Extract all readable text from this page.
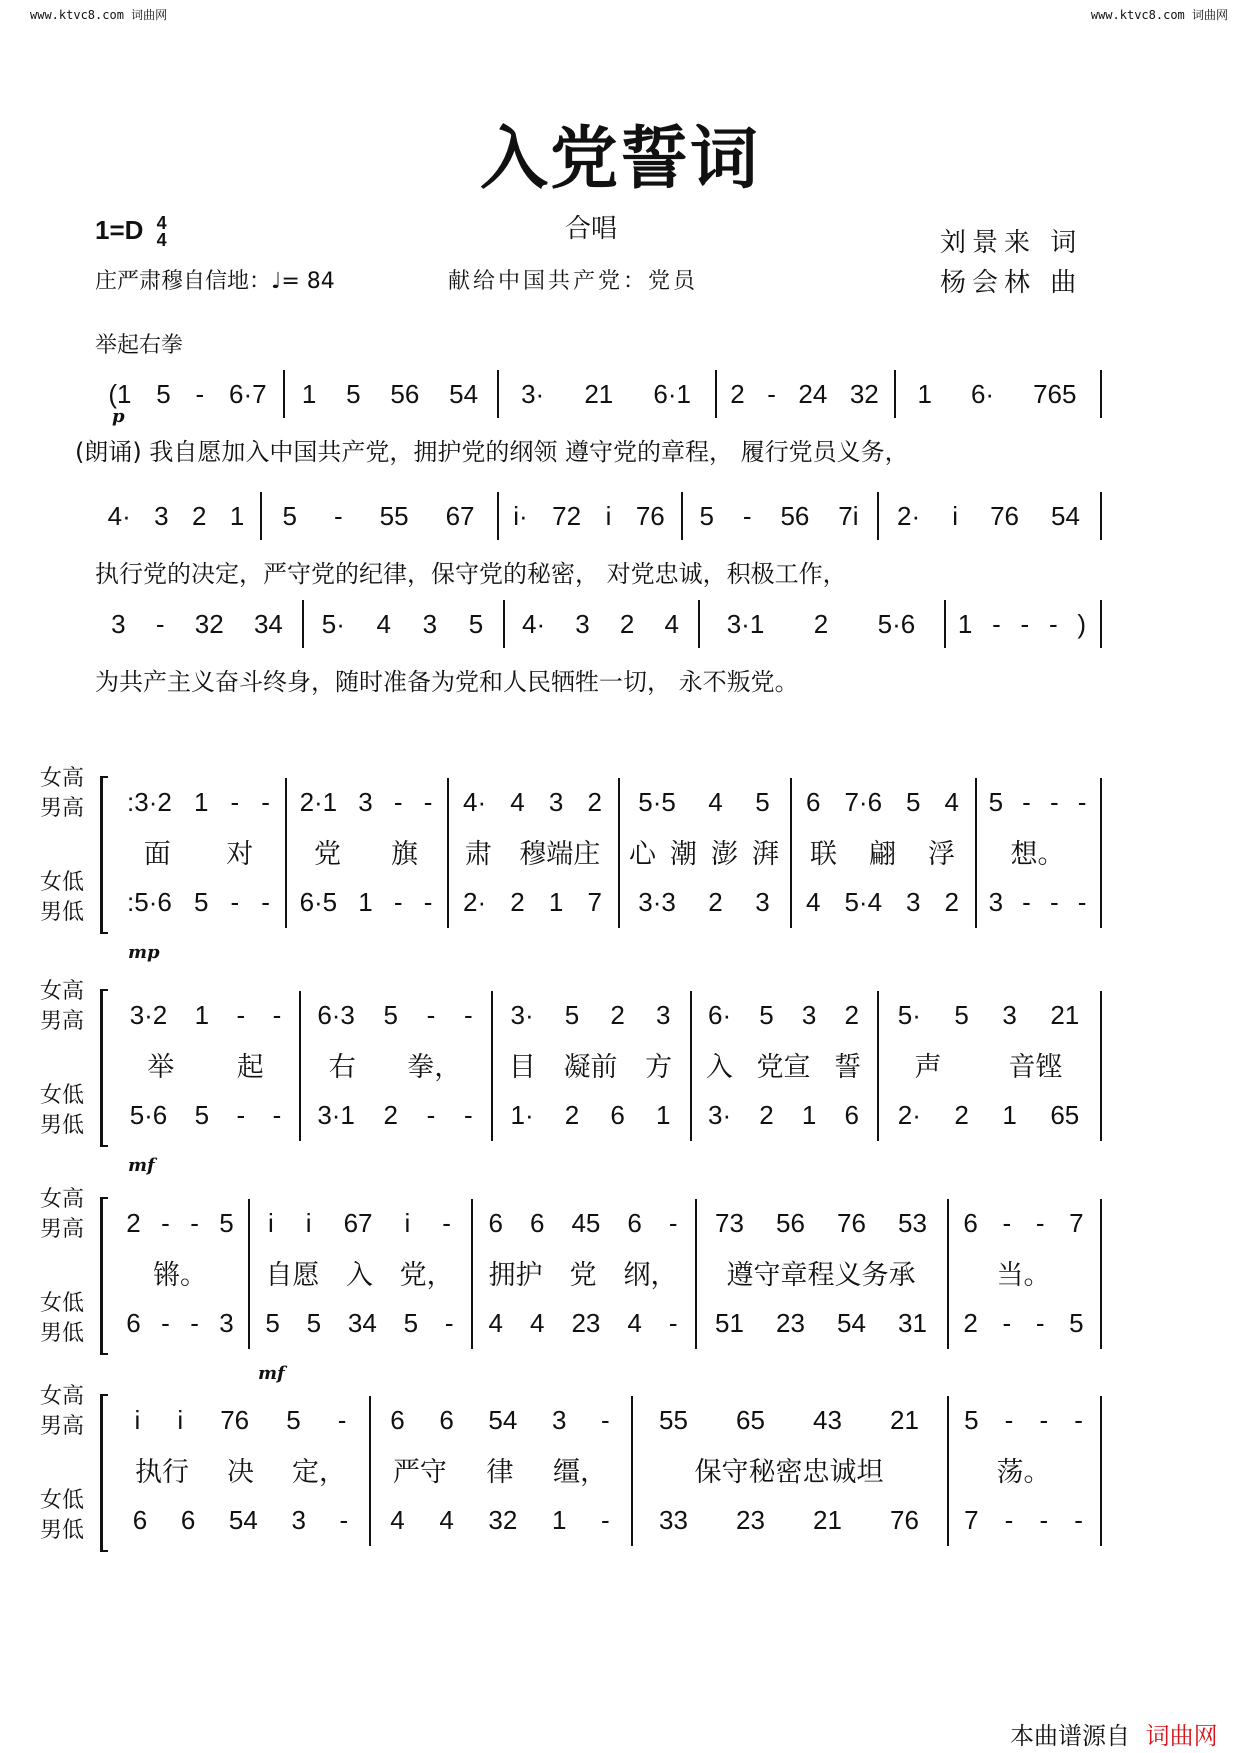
www.ktvc8.com 词曲网	www.ktvc8.com 词曲网
入党誓词
合唱
1=D 4
4
庄严肃穆自信地：♩= 84	献给中国共产党：党员
刘景来 词
杨会林 曲
举起右拳
(1 5 - 6·7 1 5 56 54 3· 21 6·1 2 - 24 32 1 6· 765
(朗诵) 我自愿加入中国共产党，拥护党的纲领 遵守党的章程， 履行党员义务，
p
4· 3 2 1 5 - 55 67 i· 72 i 76 5 - 56 7i 2· i 76 54
执行党的决定，严守党的纪律，保守党的秘密， 对党忠诚，积极工作，
3 - 32 34 5· 4 3 5 4· 3 2 4 3·1 2 5·6 1 - - - )
为共产主义奋斗终身，随时准备为党和人民牺牲一切， 永不叛党。
:3·2 1 - - 2·1 3 - - 4· 4 3 2 5·5 4 5 6 7·6 5 4 5 - - -
面 对 党 旗 肃 穆端庄 心 潮 澎 湃 联 翩 浮 想。
:5·6 5 - - 6·5 1 - - 2· 2 1 7 3·3 2 3 4 5·4 3 2 3 - - -
女高
男高
女低
男低
mp
3·2 1 - - 6·3 5 - - 3· 5 2 3 6· 5 3 2 5· 5 3 21
举 起 右 拳， 目 凝前 方 入 党宣 誓 声 音铿
5·6 5 - - 3·1 2 - - 1· 2 6 1 3· 2 1 6 2· 2 1 65
女高
男高
女低
男低
mf
2 - - 5 i i 67 i - 6 6 45 6 - 73 56 76 53 6 - - 7
锵。 自愿 入 党， 拥护 党 纲， 遵守章程义务承	当。
6 - - 3 5 5 34 5 - 4 4 23 4 - 51 23 54 31 2 - - 5
女高
男高
女低
男低
mf
i i 76 5 - 6 6 54 3 - 55 65 43 21 5 - - -
执行 决 定， 严守 律 缰，	保守秘密忠诚坦	荡。
6 6 54 3 - 4 4 32 1 - 33 23 21 76 7 - - -
女高
男高
女低
男低
本曲谱源自 词曲网
